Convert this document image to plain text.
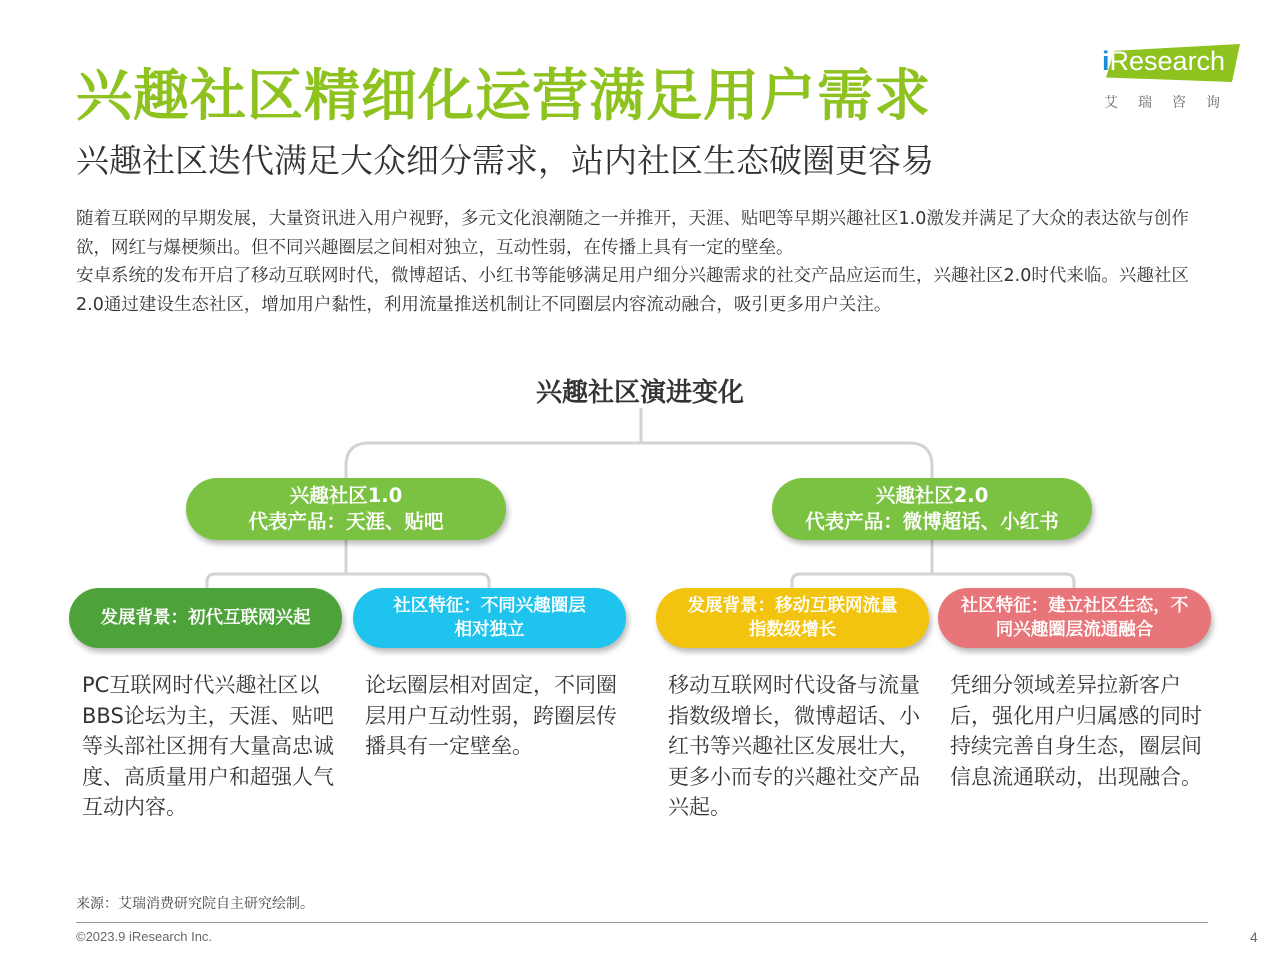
兴趣社区精细化运营满足用户需求
兴趣社区迭代满足大众细分需求，站内社区生态破圈更容易
iResearch
艾瑞咨询

随着互联网的早期发展，大量资讯进入用户视野，多元文化浪潮随之一并推开，天涯、贴吧等早期兴趣社区1.0激发并满足了大众的表达欲与创作欲，网红与爆梗频出。但不同兴趣圈层之间相对独立，互动性弱，在传播上具有一定的壁垒。

安卓系统的发布开启了移动互联网时代，微博超话、小红书等能够满足用户细分兴趣需求的社交产品应运而生，兴趣社区2.0时代来临。兴趣社区2.0通过建设生态社区，增加用户黏性，利用流量推送机制让不同圈层内容流动融合，吸引更多用户关注。

兴趣社区演进变化
兴趣社区1.0
代表产品：天涯、贴吧
兴趣社区2.0
代表产品：微博超话、小红书
发展背景：初代互联网兴起
社区特征：不同兴趣圈层
相对独立
发展背景：移动互联网流量
指数级增长
社区特征：建立社区生态，不
同兴趣圈层流通融合

PC互联网时代兴趣社区以BBS论坛为主，天涯、贴吧等头部社区拥有大量高忠诚度、高质量用户和超强人气互动内容。

论坛圈层相对固定，不同圈层用户互动性弱，跨圈层传播具有一定壁垒。

移动互联网时代设备与流量指数级增长，微博超话、小红书等兴趣社区发展壮大，更多小而专的兴趣社交产品兴起。

凭细分领域差异拉新客户后，强化用户归属感的同时持续完善自身生态，圈层间信息流通联动，出现融合。

来源：艾瑞消费研究院自主研究绘制。
©2023.9 iResearch Inc.	4
